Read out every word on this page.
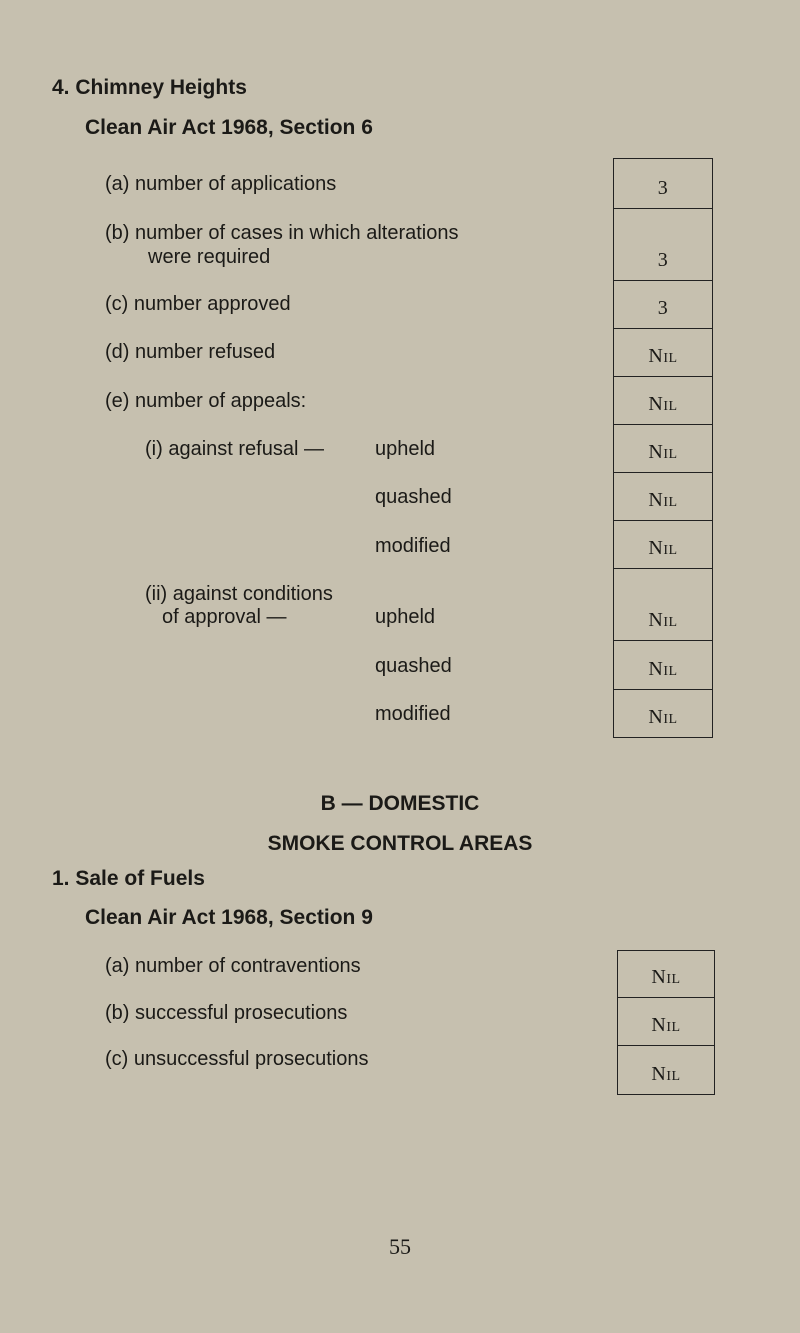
4. Chimney Heights
Clean Air Act 1968, Section 6
(a) number of applications
(b) number of cases in which alterations
were required
(c) number approved
(d) number refused
(e) number of appeals:
(i) against refusal —	upheld
quashed
modified
(ii) against conditions
of approval —	upheld
quashed
modified
3
3
3
Nil
Nil
Nil
Nil
Nil
Nil
Nil
Nil
B — DOMESTIC
SMOKE CONTROL AREAS
1. Sale of Fuels
Clean Air Act 1968, Section 9
(a) number of contraventions
(b) successful prosecutions
(c) unsuccessful prosecutions
Nil
Nil
Nil
55
